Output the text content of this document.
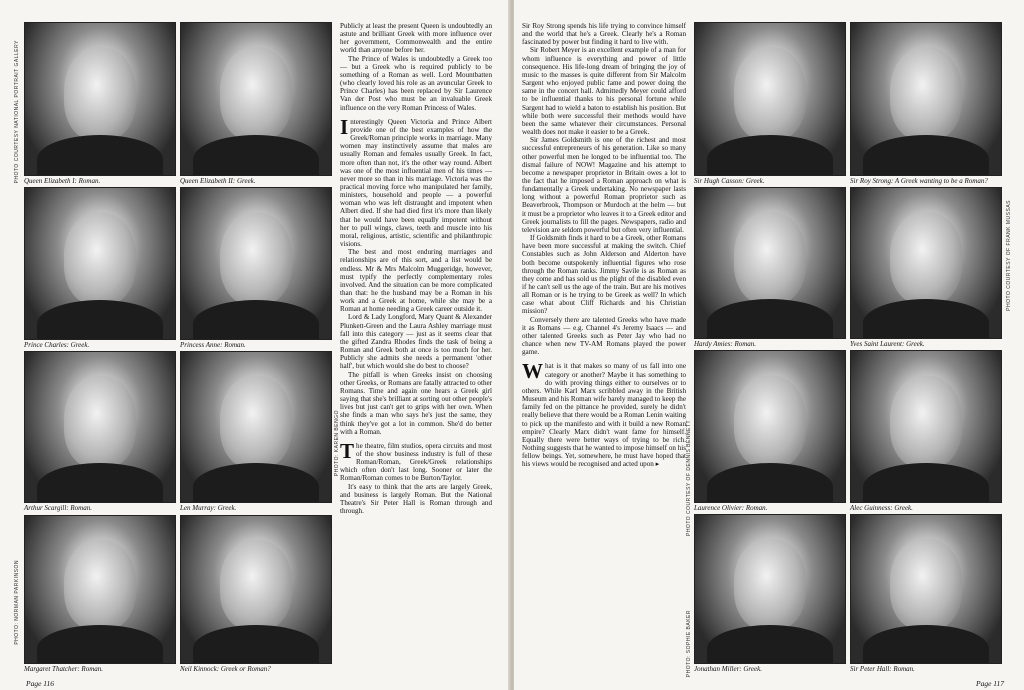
Queen Elizabeth I: Roman.	Queen Elizabeth II: Greek.
Prince Charles: Greek.	Princess Anne: Roman.
Arthur Scargill: Roman.	Len Murray: Greek.
Margaret Thatcher: Roman.	Neil Kinnock: Greek or Roman?
PHOTO COURTESY NATIONAL PORTRAIT GALLERY
PHOTO: KAREN BENGO
PHOTO: NORMAN PARKINSON

Publicly at least the present Queen is undoubtedly an astute and brilliant Greek with more influence over her government, Commonwealth and the entire world than anyone before her.

The Prince of Wales is undoubtedly a Greek too — but a Greek who is required publicly to be something of a Roman as well. Lord Mountbatten (who clearly loved his role as an avuncular Greek to Prince Charles) has been replaced by Sir Laurence Van der Post who must be an invaluable Greek influence on the very Roman Princess of Wales.

Interestingly Queen Victoria and Prince Albert provide one of the best examples of how the Greek/Roman principle works in marriage. Many women may instinctively assume that males are usually Roman and females usually Greek. In fact, more often than not, it's the other way round. Albert was one of the most influential men of his times — never more so than in his marriage. Victoria was the practical moving force who manipulated her family, ministers, household and people — a powerful woman who was left distraught and impotent when Albert died. If she had died first it's more than likely that he would have been equally impotent without her to pull wings, claws, teeth and muscle into his moral, religious, artistic, scientific and philanthropic visions.

The best and most enduring marriages and relationships are of this sort, and a list would be endless. Mr & Mrs Malcolm Muggeridge, however, must typify the perfectly complementary roles involved. And the situation can be more complicated than that: he the husband may be a Roman in his work and a Greek at home, while she may be a Roman at home needing a Greek career outside it.

Lord & Lady Longford, Mary Quant & Alexander Plunkett-Green and the Laura Ashley marriage must fall into this category — just as it seems clear that the gifted Zandra Rhodes finds the task of being a Roman and Greek both at once is too much for her. Publicly she admits she needs a permanent 'other half', but which would she do best to choose?

The pitfall is when Greeks insist on choosing other Greeks, or Romans are fatally attracted to other Romans. Time and again one hears a Greek girl saying that she's brilliant at sorting out other people's lives but just can't get to grips with her own. When she finds a man who says he's just the same, they think they've got a lot in common. She'd do better with a Roman.

The theatre, film studios, opera circuits and most of the show business industry is full of these Roman/Roman, Greek/Greek relationships which often don't last long. Sooner or later the Roman/Roman comes to be Burton/Taylor.

It's easy to think that the arts are largely Greek, and business is largely Roman. But the National Theatre's Sir Peter Hall is Roman through and through.

Page 116

Sir Roy Strong spends his life trying to convince himself and the world that he's a Greek. Clearly he's a Roman fascinated by power but finding it hard to live with.

Sir Robert Meyer is an excellent example of a man for whom influence is everything and power of little consequence. His life-long dream of bringing the joy of music to the masses is quite different from Sir Malcolm Sargent who enjoyed public fame and power doing the same in the concert hall. Admittedly Meyer could afford to be influential thanks to his personal fortune while Sargent had to wield a baton to establish his position. But while both were successful their methods would have been the same whatever their circumstances. Personal wealth does not make it easier to be a Greek.

Sir James Goldsmith is one of the richest and most successful entrepreneurs of his generation. Like so many other powerful men he longed to be influential too. The dismal failure of NOW! Magazine and his attempt to become a newspaper proprietor in Britain owes a lot to the fact that he imposed a Roman approach on what is fundamentally a Greek undertaking. No newspaper lasts long without a powerful Roman proprietor such as Beaverbrook, Thompson or Murdoch at the helm — but it must be a proprietor who leaves it to a Greek editor and Greek journalists to fill the pages. Newspapers, radio and television are seldom powerful but often very influential.

If Goldsmith finds it hard to be a Greek, other Romans have been more successful at making the switch. Chief Constables such as John Alderson and Alderton have both become outspokenly influential figures who rose through the Roman ranks. Jimmy Savile is as Roman as they come and has sold us the plight of the disabled even if he can't sell us the age of the train. But are his motives all Roman or is he trying to be Greek as well? In which case what about Cliff Richards and his Christian mission?

Conversely there are talented Greeks who have made it as Romans — e.g. Channel 4's Jeremy Isaacs — and other talented Greeks such as Peter Jay who had no chance when new TV-AM Romans played the power game.

What is it that makes so many of us fall into one category or another? Maybe it has something to do with proving things either to ourselves or to others. While Karl Marx scribbled away in the British Museum and his Roman wife barely managed to keep the family fed on the pittance he provided, surely he didn't really believe that there would be a Roman Lenin waiting to pick up the manifesto and with it build a new Roman empire? Clearly Marx didn't want fame for himself. Equally there were better ways of trying to be rich. Nothing suggests that he wanted to impose himself on his fellow beings. Yet, somewhere, he must have hoped that his views would be recognised and acted upon ▸

Sir Hugh Casson: Greek.	Sir Roy Strong: A Greek wanting to be a Roman?
Hardy Amies: Roman.	Yves Saint Laurent: Greek.
Laurence Olivier: Roman.	Alec Guinness: Greek.
Jonathan Miller: Greek.	Sir Peter Hall: Roman.
PHOTO COURTESY OF FRANK MUSSAS
PHOTO COURTESY OF DENNIS BENNETT
PHOTO: SOPHIE BAKER
Page 117
